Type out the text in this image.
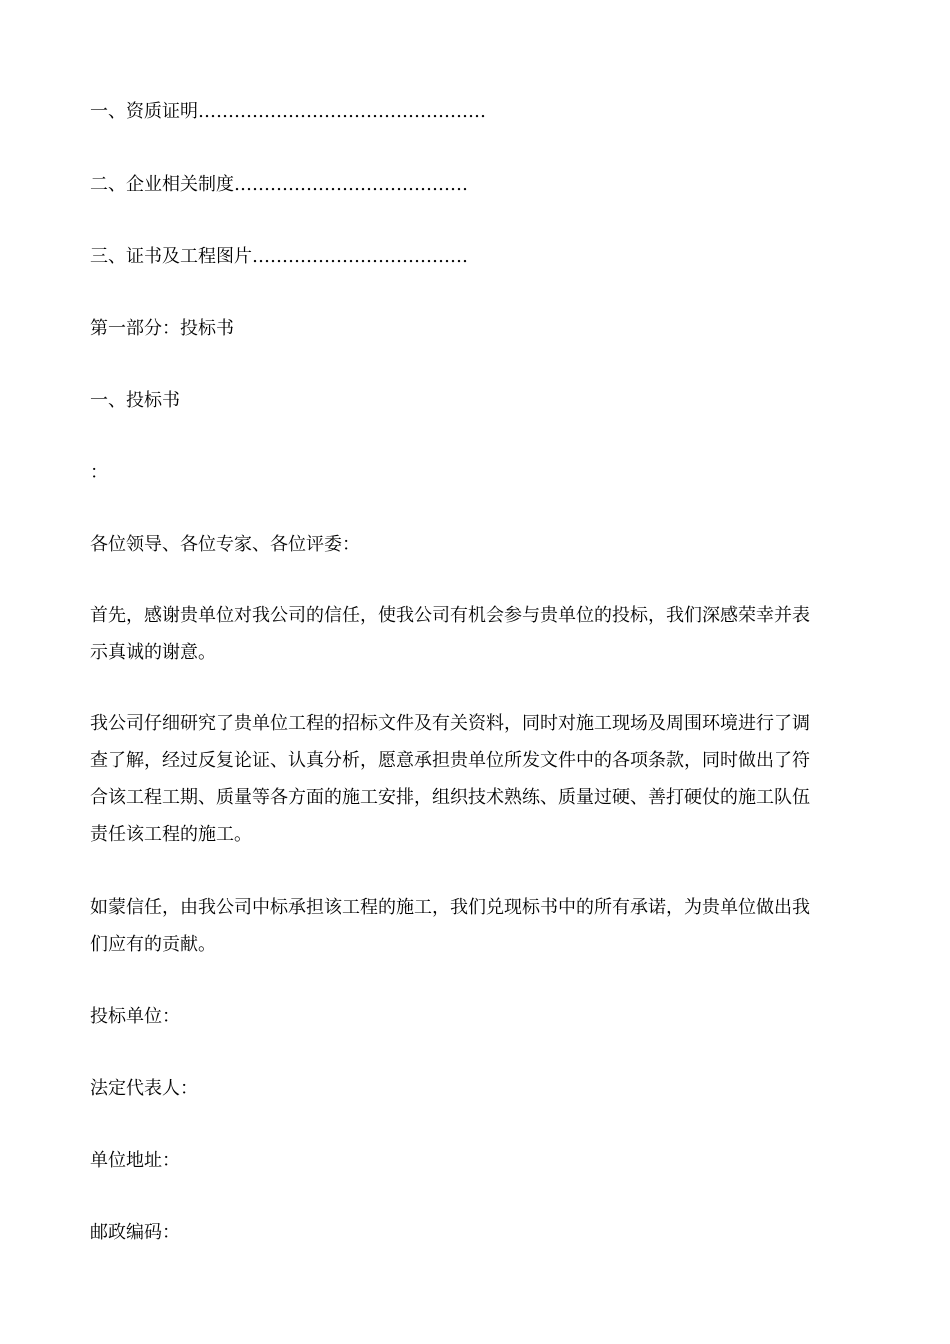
一、资质证明…………………………………………
二、企业相关制度…………………………………
三、证书及工程图片………………………………
第一部分：投标书
一、投标书
：
各位领导、各位专家、各位评委：
首先，感谢贵单位对我公司的信任，使我公司有机会参与贵单位的投标，我们深感荣幸并表
示真诚的谢意。
我公司仔细研究了贵单位工程的招标文件及有关资料，同时对施工现场及周围环境进行了调
查了解，经过反复论证、认真分析，愿意承担贵单位所发文件中的各项条款，同时做出了符
合该工程工期、质量等各方面的施工安排，组织技术熟练、质量过硬、善打硬仗的施工队伍
责任该工程的施工。
如蒙信任，由我公司中标承担该工程的施工，我们兑现标书中的所有承诺，为贵单位做出我
们应有的贡献。
投标单位：
法定代表人：
单位地址：
邮政编码：
